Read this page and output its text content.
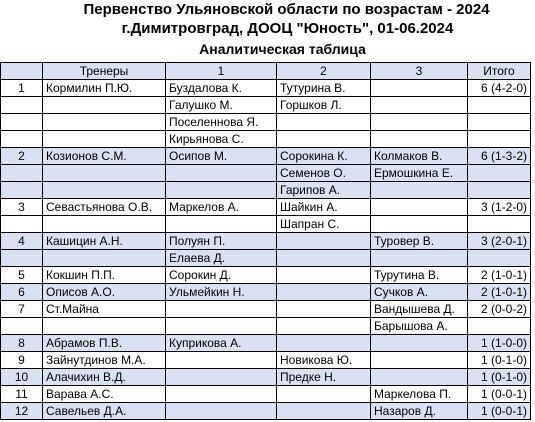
Первенство Ульяновской области по возрастам - 2024
г.Димитровград, ДООЦ "Юность", 01-06.2024
Аналитическая таблица
	Тренеры	1	2	3	Итого
1	Кормилин П.Ю.	Буздалова К.	Тутурина В.		6 (4-2-0)
		Галушко М.	Горшков Л.		
		Поселеннова Я.			
		Кирьянова С.			
2	Козионов С.М.	Осипов М.	Сорокина К.	Колмаков В.	6 (1-3-2)
			Семенов О.	Ермошкина Е.	
			Гарипов А.		
3	Севастьянова О.В.	Маркелов А.	Шайкин А.		3 (1-2-0)
			Шапран С.		
4	Кашицин А.Н.	Полуян П.		Туровер В.	3 (2-0-1)
		Елаева Д.			
5	Кокшин П.П.	Сорокин Д.		Турутина В.	2 (1-0-1)
6	Описов А.О.	Ульмейкин Н.		Сучков А.	2 (1-0-1)
7	Ст.Майна			Вандышева Д.	2 (0-0-2)
				Барышова А.	
8	Абрамов П.В.	Куприкова А.			1 (1-0-0)
9	Зайнутдинов М.А.		Новикова Ю.		1 (0-1-0)
10	Алачихин В.Д.		Предке Н.		1 (0-1-0)
11	Варава А.С.			Маркелова П.	1 (0-0-1)
12	Савельев Д.А.			Назаров Д.	1 (0-0-1)
